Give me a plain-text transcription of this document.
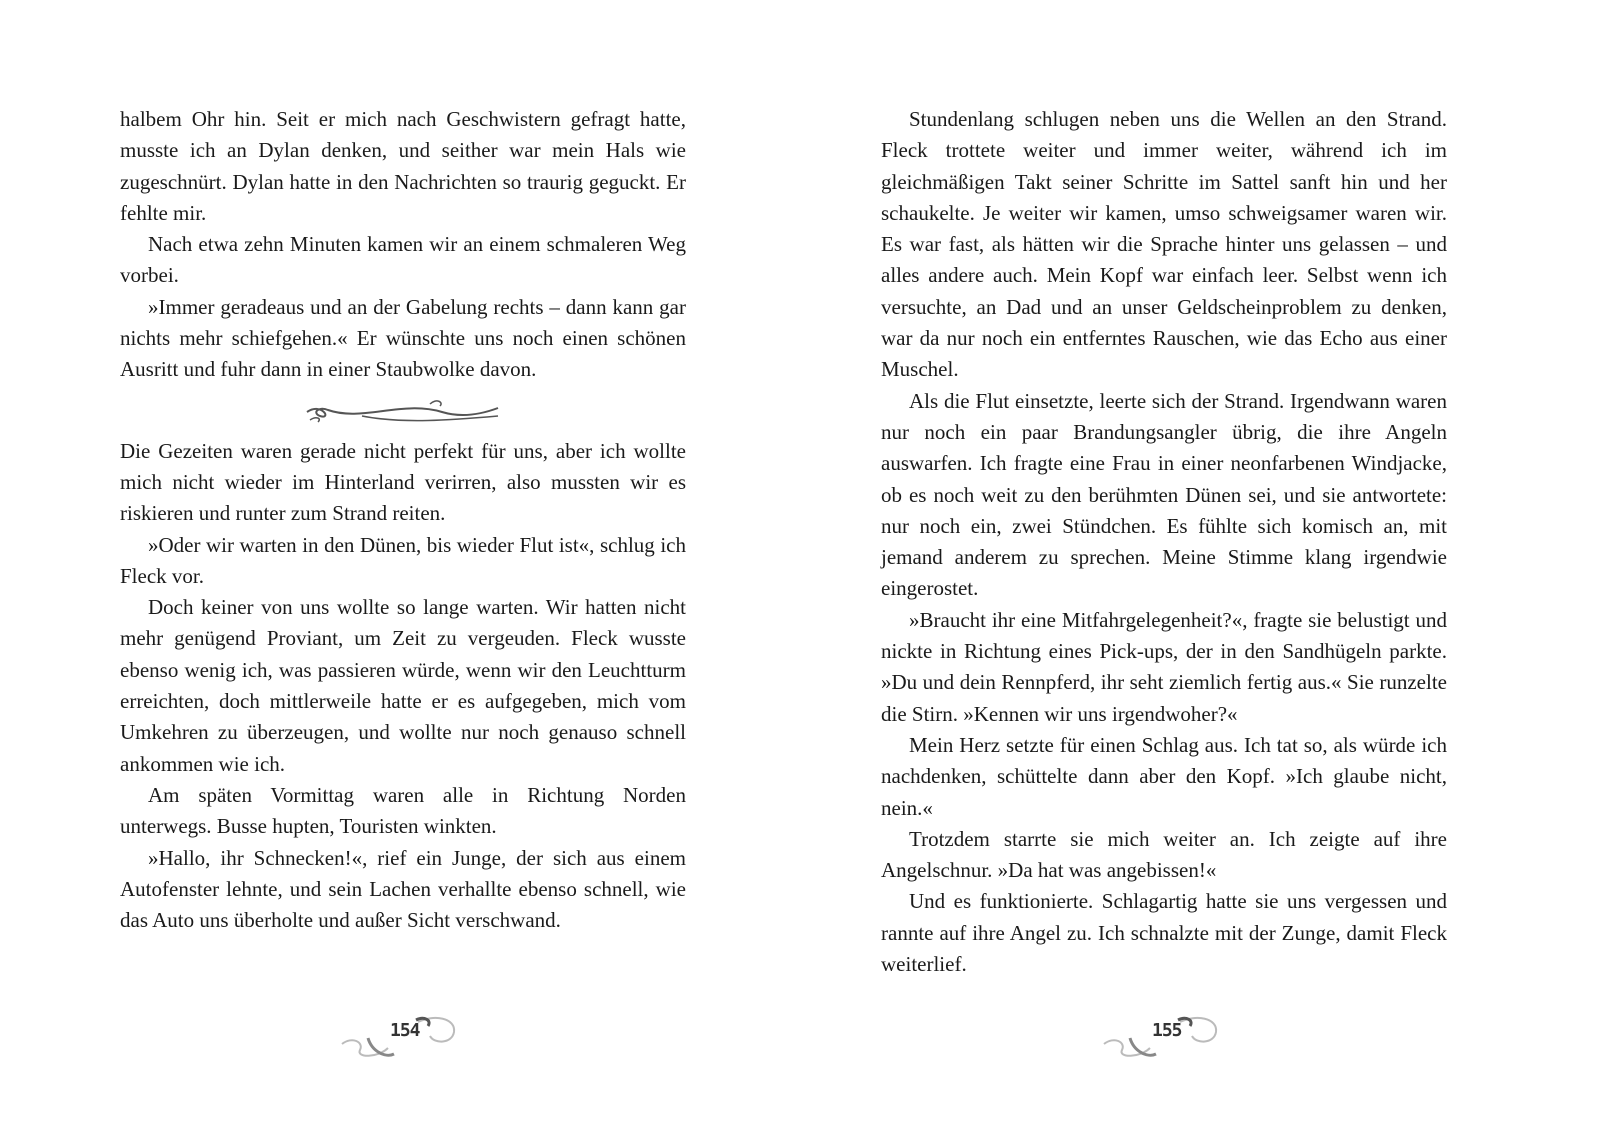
halbem Ohr hin. Seit er mich nach Geschwistern gefragt hatte, musste ich an Dylan denken, und seither war mein Hals wie zugeschnürt. Dylan hatte in den Nachrichten so traurig geguckt. Er fehlte mir.

Nach etwa zehn Minuten kamen wir an einem schmaleren Weg vorbei.

»Immer geradeaus und an der Gabelung rechts – dann kann gar nichts mehr schiefgehen.« Er wünschte uns noch einen schönen Ausritt und fuhr dann in einer Staubwolke davon.

Die Gezeiten waren gerade nicht perfekt für uns, aber ich wollte mich nicht wieder im Hinterland verirren, also mussten wir es riskieren und runter zum Strand reiten.

»Oder wir warten in den Dünen, bis wieder Flut ist«, schlug ich Fleck vor.

Doch keiner von uns wollte so lange warten. Wir hatten nicht mehr genügend Proviant, um Zeit zu vergeuden. Fleck wusste ebenso wenig ich, was passieren würde, wenn wir den Leuchtturm erreichten, doch mittlerweile hatte er es aufgegeben, mich vom Umkehren zu überzeugen, und wollte nur noch genauso schnell ankommen wie ich.

Am späten Vormittag waren alle in Richtung Norden unterwegs. Busse hupten, Touristen winkten.

»Hallo, ihr Schnecken!«, rief ein Junge, der sich aus einem Autofenster lehnte, und sein Lachen verhallte ebenso schnell, wie das Auto uns überholte und außer Sicht verschwand.

Stundenlang schlugen neben uns die Wellen an den Strand. Fleck trottete weiter und immer weiter, während ich im gleichmäßigen Takt seiner Schritte im Sattel sanft hin und her schaukelte. Je weiter wir kamen, umso schweigsamer waren wir. Es war fast, als hätten wir die Sprache hinter uns gelassen – und alles andere auch. Mein Kopf war einfach leer. Selbst wenn ich versuchte, an Dad und an unser Geldscheinproblem zu denken, war da nur noch ein entferntes Rauschen, wie das Echo aus einer Muschel.

Als die Flut einsetzte, leerte sich der Strand. Irgendwann waren nur noch ein paar Brandungsangler übrig, die ihre Angeln auswarfen. Ich fragte eine Frau in einer neonfarbenen Windjacke, ob es noch weit zu den berühmten Dünen sei, und sie antwortete: nur noch ein, zwei Stündchen. Es fühlte sich komisch an, mit jemand anderem zu sprechen. Meine Stimme klang irgendwie eingerostet.

»Braucht ihr eine Mitfahrgelegenheit?«, fragte sie belustigt und nickte in Richtung eines Pick-ups, der in den Sandhügeln parkte. »Du und dein Rennpferd, ihr seht ziemlich fertig aus.« Sie runzelte die Stirn. »Kennen wir uns irgendwoher?«

Mein Herz setzte für einen Schlag aus. Ich tat so, als würde ich nachdenken, schüttelte dann aber den Kopf. »Ich glaube nicht, nein.«

Trotzdem starrte sie mich weiter an. Ich zeigte auf ihre Angelschnur. »Da hat was angebissen!«

Und es funktionierte. Schlagartig hatte sie uns vergessen und rannte auf ihre Angel zu. Ich schnalzte mit der Zunge, damit Fleck weiterlief.

154	155
